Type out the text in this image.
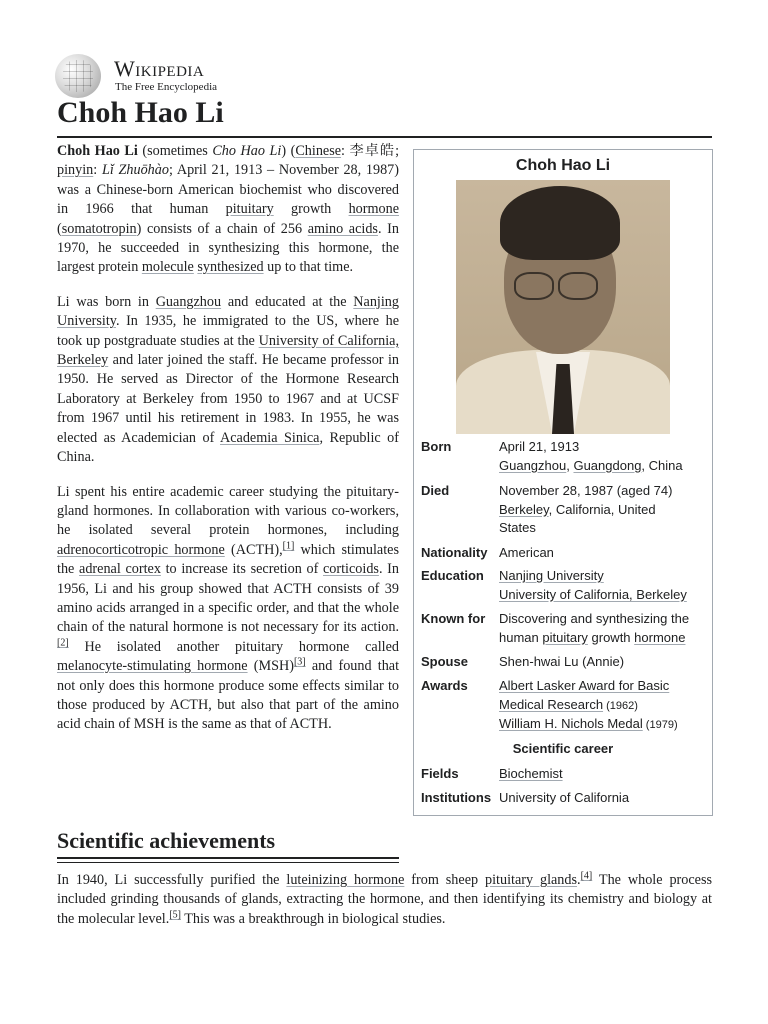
Wikipedia
The Free Encyclopedia
Choh Hao Li

Choh Hao Li (sometimes Cho Hao Li) (Chinese: 李卓皓; pinyin: Lǐ Zhuōhào; April 21, 1913 – November 28, 1987) was a Chinese-born American biochemist who discovered in 1966 that human pituitary growth hormone (somatotropin) consists of a chain of 256 amino acids. In 1970, he succeeded in synthesizing this hormone, the largest protein molecule synthesized up to that time.

Li was born in Guangzhou and educated at the Nanjing University. In 1935, he immigrated to the US, where he took up postgraduate studies at the University of California, Berkeley and later joined the staff. He became professor in 1950. He served as Director of the Hormone Research Laboratory at Berkeley from 1950 to 1967 and at UCSF from 1967 until his retirement in 1983. In 1955, he was elected as Academician of Academia Sinica, Republic of China.

Li spent his entire academic career studying the pituitary-gland hormones. In collaboration with various co-workers, he isolated several protein hormones, including adrenocorticotropic hormone (ACTH),[1] which stimulates the adrenal cortex to increase its secretion of corticoids. In 1956, Li and his group showed that ACTH consists of 39 amino acids arranged in a specific order, and that the whole chain of the natural hormone is not necessary for its action.[2] He isolated another pituitary hormone called melanocyte-stimulating hormone (MSH)[3] and found that not only does this hormone produce some effects similar to those produced by ACTH, but also that part of the amino acid chain of MSH is the same as that of ACTH.

Choh Hao Li
Born	April 21, 1913
Guangzhou, Guangdong, China
Died	November 28, 1987 (aged 74)
Berkeley, California, United
States
Nationality American
Education	Nanjing University
University of California, Berkeley
Known for	Discovering and synthesizing the
human pituitary growth hormone
Spouse	Shen-hwai Lu (Annie)
Awards	Albert Lasker Award for Basic
Medical Research (1962)
William H. Nichols Medal (1979)
Scientific career
Fields	Biochemist
Institutions University of California
Scientific achievements

In 1940, Li successfully purified the luteinizing hormone from sheep pituitary glands.[4] The whole process included grinding thousands of glands, extracting the hormone, and then identifying its chemistry and biology at the molecular level.[5] This was a breakthrough in biological studies.
